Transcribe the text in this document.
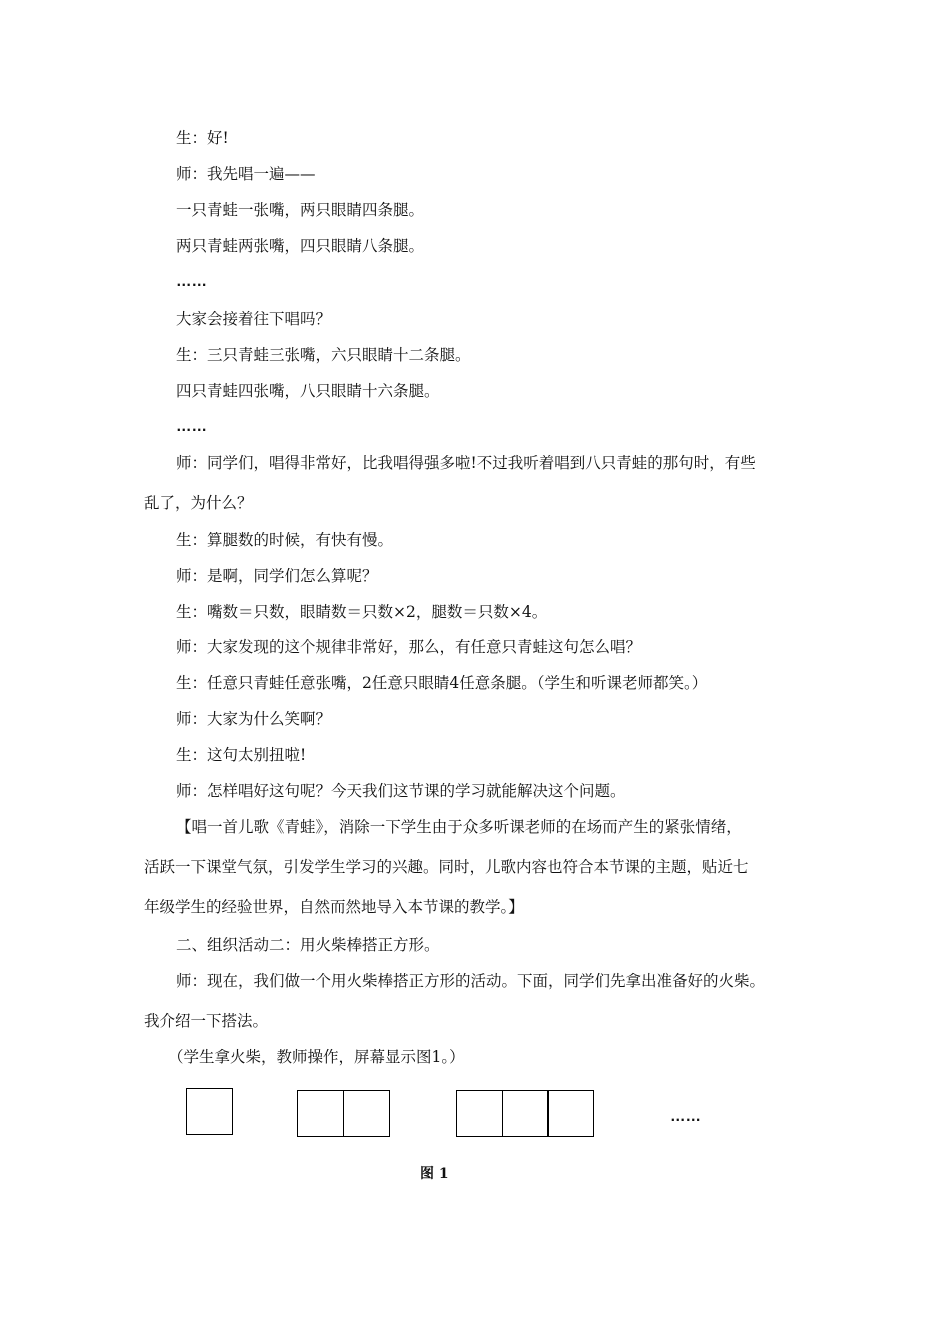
生：好!
师：我先唱一遍——
一只青蛙一张嘴，两只眼睛四条腿。
两只青蛙两张嘴，四只眼睛八条腿。
……
大家会接着往下唱吗？
生：三只青蛙三张嘴，六只眼睛十二条腿。
四只青蛙四张嘴，八只眼睛十六条腿。
……
师：同学们，唱得非常好，比我唱得强多啦!不过我听着唱到八只青蛙的那句时，有些
乱了，为什么？
生：算腿数的时候，有快有慢。
师：是啊，同学们怎么算呢？
生：嘴数＝只数，眼睛数＝只数×2，腿数＝只数×4。
师：大家发现的这个规律非常好，那么，有任意只青蛙这句怎么唱？
生：任意只青蛙任意张嘴，2任意只眼睛4任意条腿。（学生和听课老师都笑。）
师：大家为什么笑啊？
生：这句太别扭啦!
师：怎样唱好这句呢？今天我们这节课的学习就能解决这个问题。
【唱一首儿歌《青蛙》，消除一下学生由于众多听课老师的在场而产生的紧张情绪，
活跃一下课堂气氛，引发学生学习的兴趣。同时，儿歌内容也符合本节课的主题，贴近七
年级学生的经验世界，自然而然地导入本节课的教学。】
二、组织活动二：用火柴棒搭正方形。
师：现在，我们做一个用火柴棒搭正方形的活动。下面，同学们先拿出准备好的火柴。
我介绍一下搭法。
（学生拿火柴，教师操作，屏幕显示图1。）
……
图 1
